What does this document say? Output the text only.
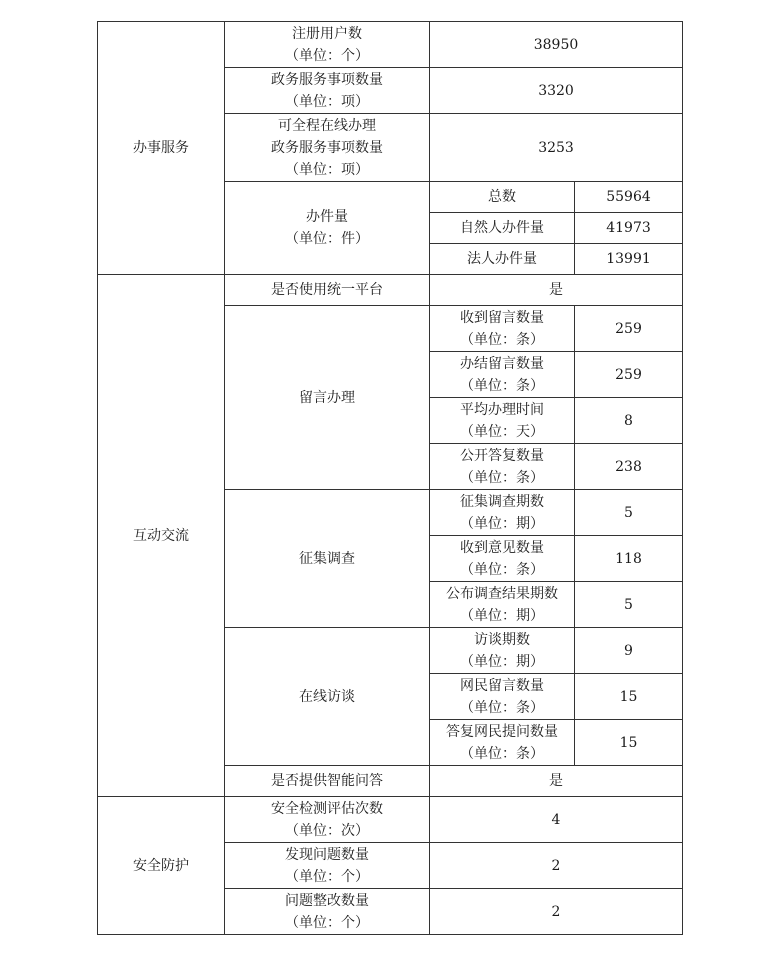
办事服务	注册用户数
（单位：个）	38950	

	政务服务事项数量
（单位：项）	3320	

	可全程在线办理
政务服务事项数量
（单位：项）	3253	

	办件量
（单位：件）	总数	55964
		自然人办件量	41973
		法人办件量	13991
互动交流	是否使用统一平台	是	
	留言办理	收到留言数量
（单位：条）	259

		办结留言数量
（单位：条）	259

		平均办理时间
（单位：天）	8

		公开答复数量
（单位：条）	238
	征集调查	征集调查期数
（单位：期）	5

		收到意见数量
（单位：条）	118

		公布调查结果期数
（单位：期）	5
	在线访谈	访谈期数
（单位：期）	9

		网民留言数量
（单位：条）	15

		答复网民提问数量
（单位：条）	15
	是否提供智能问答	是	
安全防护	安全检测评估次数
（单位：次）	4	

	发现问题数量
（单位：个）	2	

	问题整改数量
（单位：个）	2	
